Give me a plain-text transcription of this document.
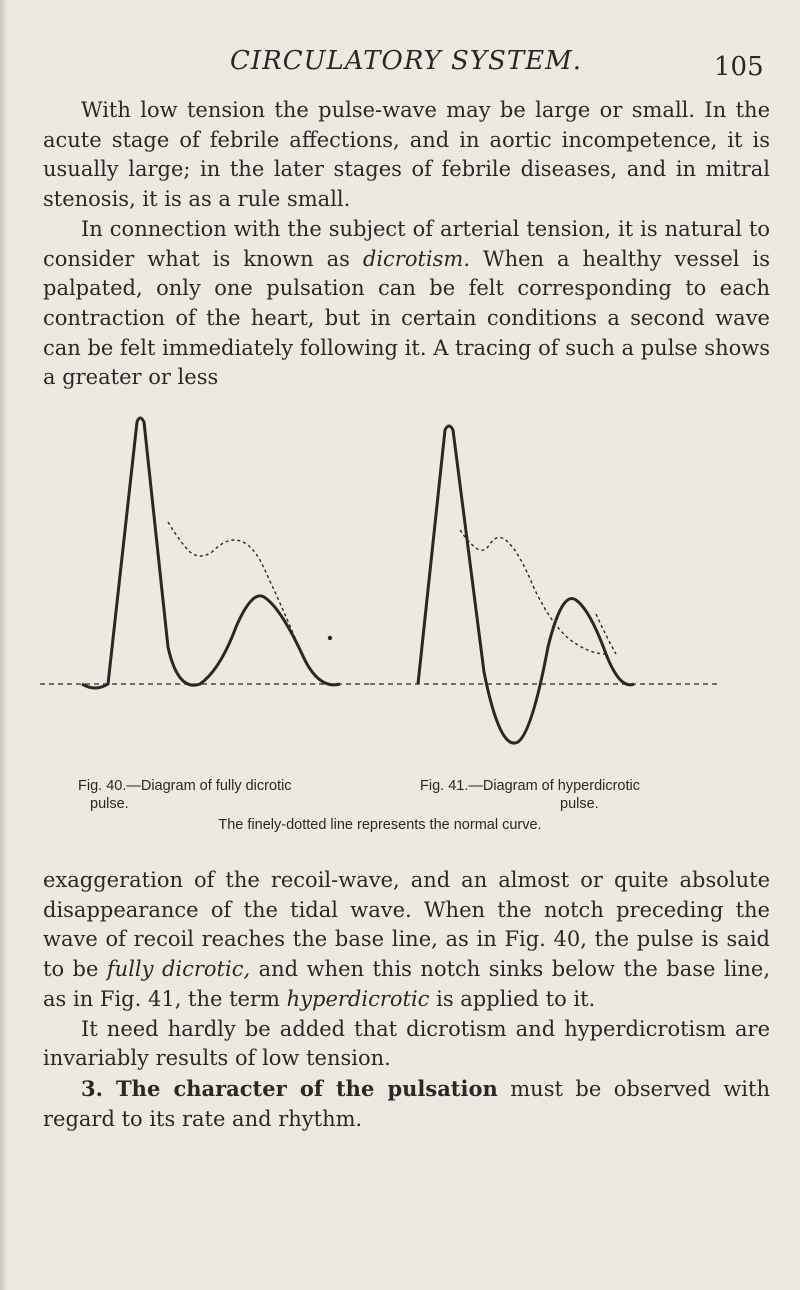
CIRCULATORY SYSTEM.	105

With low tension the pulse-wave may be large or small. In the acute stage of febrile affections, and in aortic incompetence, it is usually large; in the later stages of febrile diseases, and in mitral stenosis, it is as a rule small.

In connection with the subject of arterial tension, it is natural to consider what is known as dicrotism. When a healthy vessel is palpated, only one pulsation can be felt corresponding to each contraction of the heart, but in certain conditions a second wave can be felt immediately following it. A tracing of such a pulse shows a greater or less

Fig. 40.—Diagram of fully dicrotic
pulse.
Fig. 41.—Diagram of hyperdicrotic
pulse.
The finely-dotted line represents the normal curve.

exaggeration of the recoil-wave, and an almost or quite absolute disappearance of the tidal wave. When the notch preceding the wave of recoil reaches the base line, as in Fig. 40, the pulse is said to be fully dicrotic, and when this notch sinks below the base line, as in Fig. 41, the term hyperdicrotic is applied to it.

It need hardly be added that dicrotism and hyperdicrotism are invariably results of low tension.

3. The character of the pulsation must be observed with regard to its rate and rhythm.
